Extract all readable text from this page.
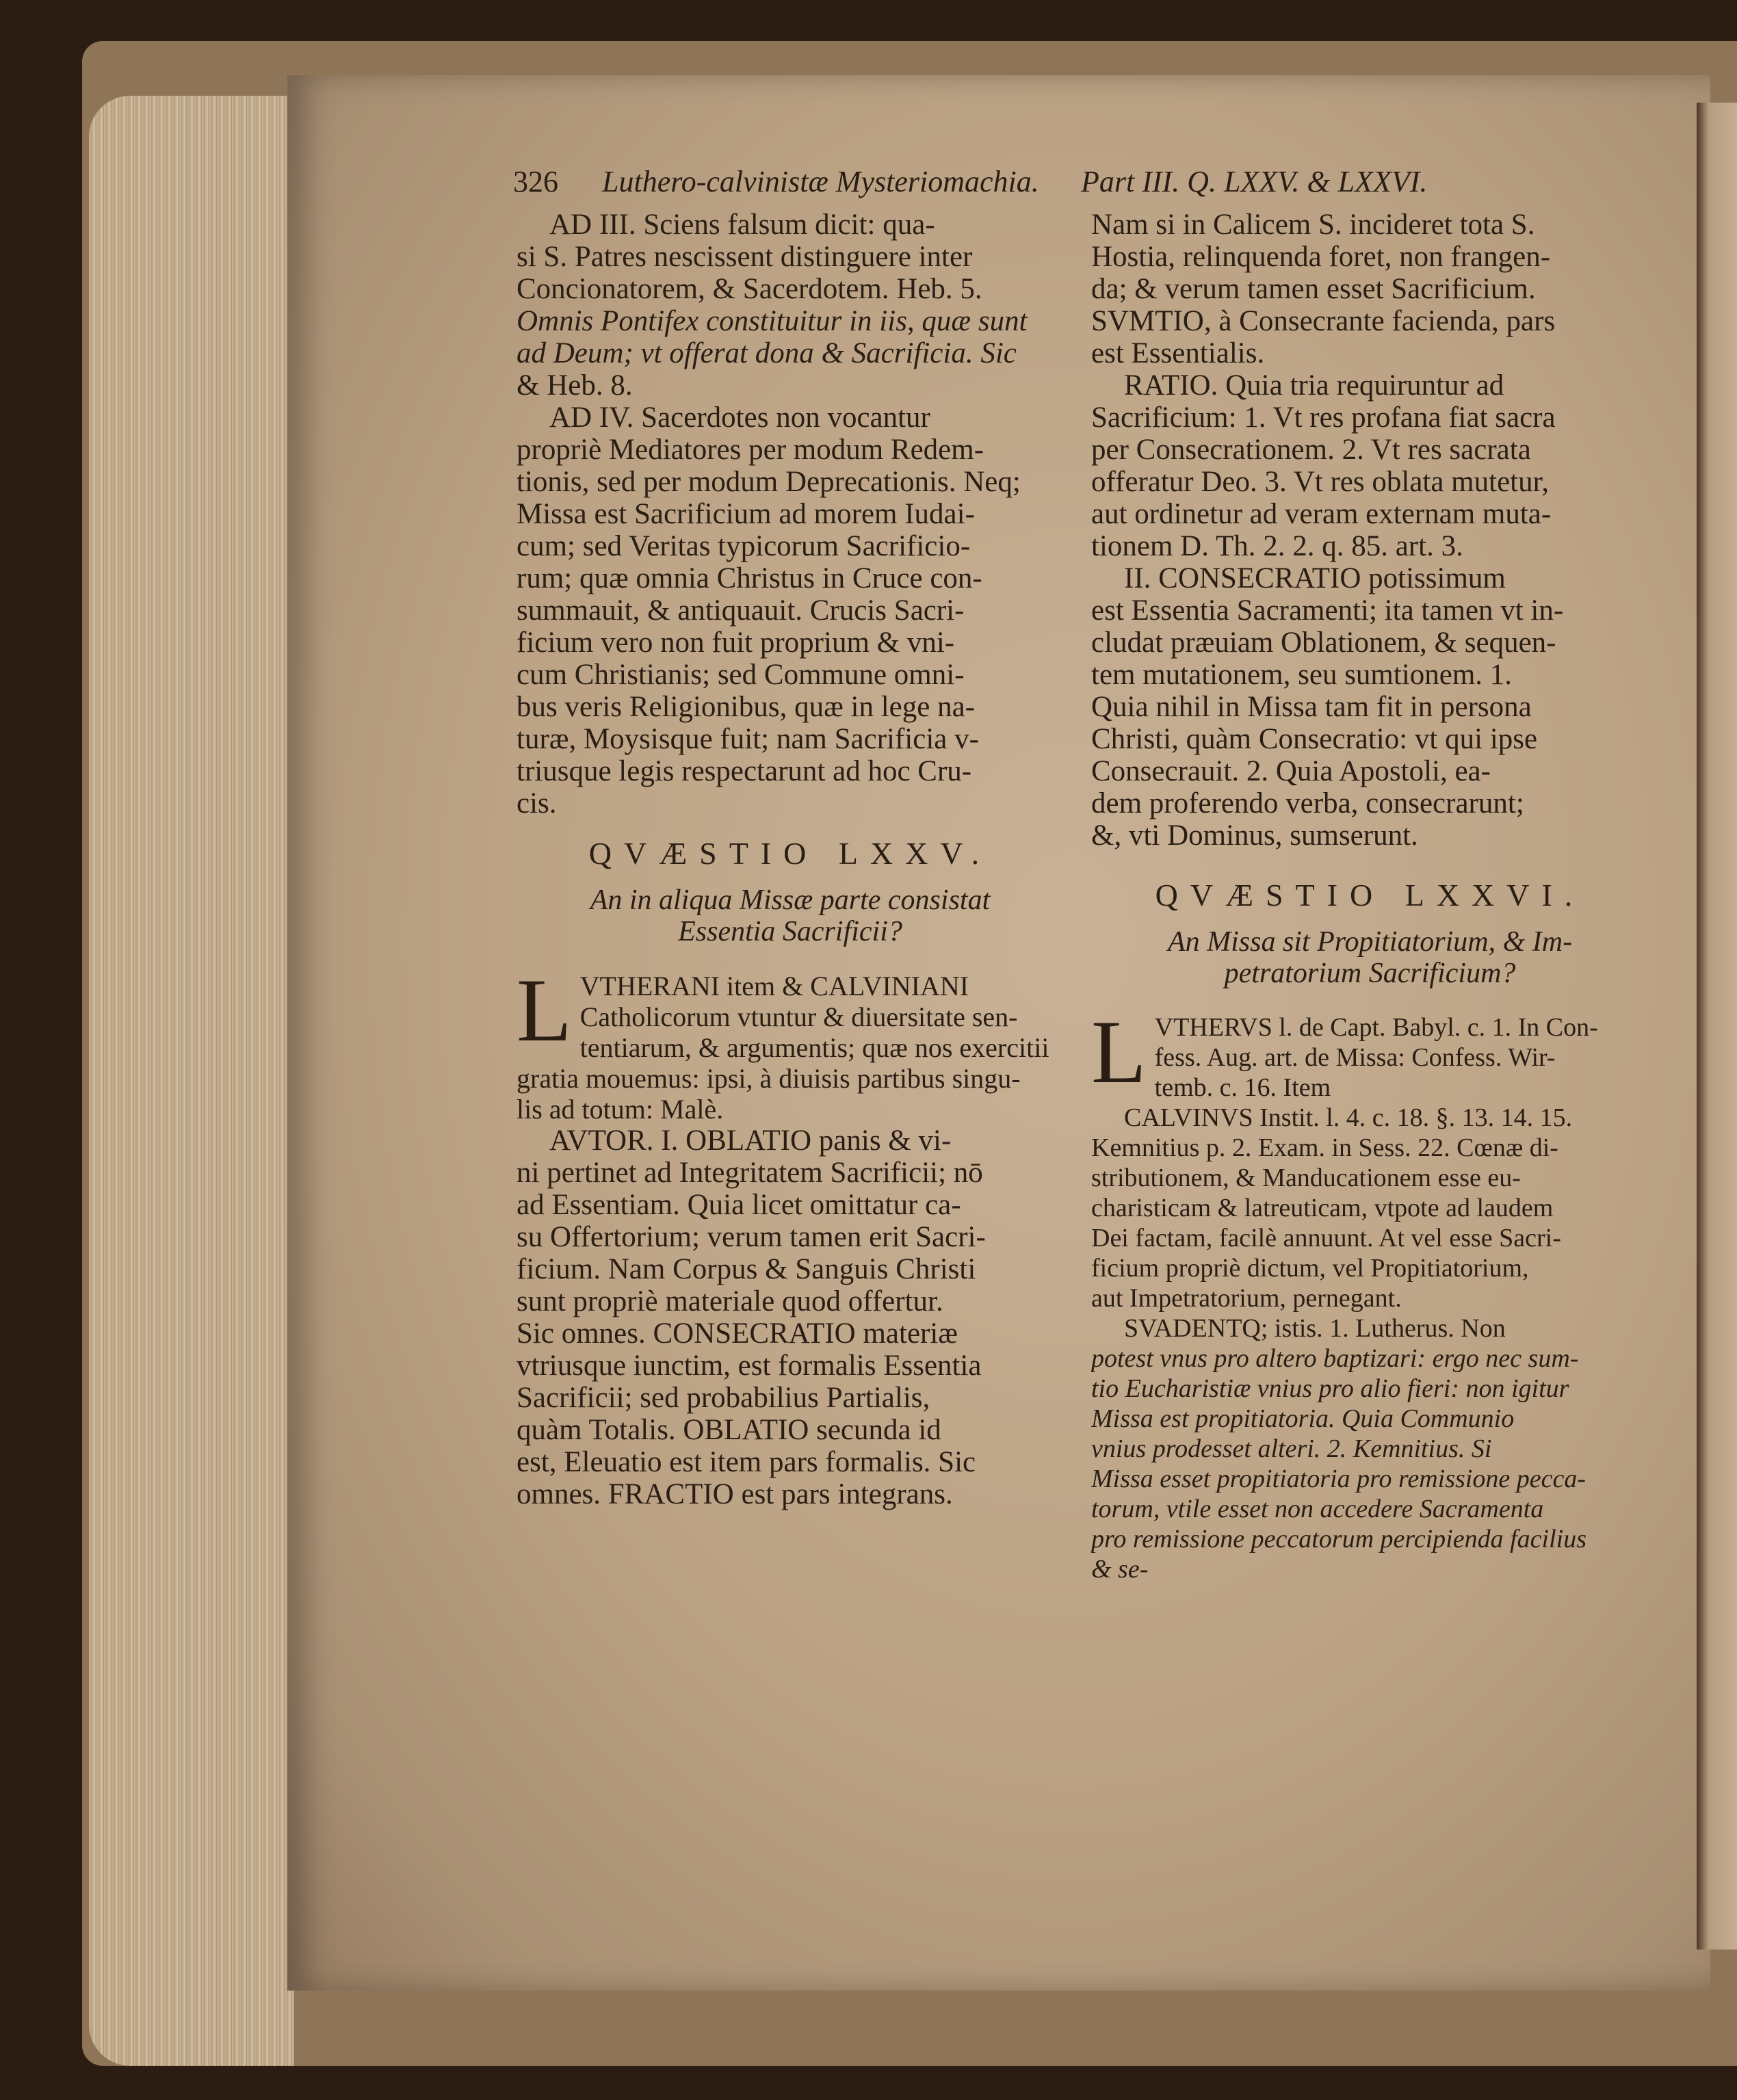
326 Luthero-calvinistæ Mysteriomachia. Part III. Q. LXXV. & LXXVI.

AD III. Sciens falsum dicit: qua-
si S. Patres nescissent distinguere inter
Concionatorem, & Sacerdotem. Heb. 5.
Omnis Pontifex constituitur in iis, quæ sunt
ad Deum; vt offerat dona & Sacrificia. Sic
& Heb. 8.

AD IV. Sacerdotes non vocantur
propriè Mediatores per modum Redem-
tionis, sed per modum Deprecationis. Neq;
Missa est Sacrificium ad morem Iudai-
cum; sed Veritas typicorum Sacrificio-
rum; quæ omnia Christus in Cruce con-
summauit, & antiquauit. Crucis Sacri-
ficium vero non fuit proprium & vni-
cum Christianis; sed Commune omni-
bus veris Religionibus, quæ in lege na-
turæ, Moysisque fuit; nam Sacrificia v-
triusque legis respectarunt ad hoc Cru-
cis.

QVÆSTIO LXXV.
An in aliqua Missæ parte consistat
Essentia Sacrificii?
L VTHERANI item & CALVINIANI
Catholicorum vtuntur & diuersitate sen-
tentiarum, & argumentis; quæ nos exercitii
gratia mouemus: ipsi, à diuisis partibus singu-
lis ad totum: Malè.

AVTOR. I. OBLATIO panis & vi-
ni pertinet ad Integritatem Sacrificii; nō
ad Essentiam. Quia licet omittatur ca-
su Offertorium; verum tamen erit Sacri-
ficium. Nam Corpus & Sanguis Christi
sunt propriè materiale quod offertur.
Sic omnes. CONSECRATIO materiæ
vtriusque iunctim, est formalis Essentia
Sacrificii; sed probabilius Partialis,
quàm Totalis. OBLATIO secunda id
est, Eleuatio est item pars formalis. Sic
omnes. FRACTIO est pars integrans.

Nam si in Calicem S. incideret tota S.
Hostia, relinquenda foret, non frangen-
da; & verum tamen esset Sacrificium.
SVMTIO, à Consecrante facienda, pars
est Essentialis.

RATIO. Quia tria requiruntur ad
Sacrificium: 1. Vt res profana fiat sacra
per Consecrationem. 2. Vt res sacrata
offeratur Deo. 3. Vt res oblata mutetur,
aut ordinetur ad veram externam muta-
tionem D. Th. 2. 2. q. 85. art. 3.

II. CONSECRATIO potissimum
est Essentia Sacramenti; ita tamen vt in-
cludat præuiam Oblationem, & sequen-
tem mutationem, seu sumtionem. 1.
Quia nihil in Missa tam fit in persona
Christi, quàm Consecratio: vt qui ipse
Consecrauit. 2. Quia Apostoli, ea-
dem proferendo verba, consecrarunt;
&, vti Dominus, sumserunt.

QVÆSTIO LXXVI.
An Missa sit Propitiatorium, & Im-
petratorium Sacrificium?
L VTHERVS l. de Capt. Babyl. c. 1. In Con-
fess. Aug. art. de Missa: Confess. Wir-
temb. c. 16. Item

CALVINVS Instit. l. 4. c. 18. §. 13. 14. 15.
Kemnitius p. 2. Exam. in Sess. 22. Cœnæ di-
stributionem, & Manducationem esse eu-
charisticam & latreuticam, vtpote ad laudem
Dei factam, facilè annuunt. At vel esse Sacri-
ficium propriè dictum, vel Propitiatorium,
aut Impetratorium, pernegant.

SVADENTQ; istis. 1. Lutherus. Non
potest vnus pro altero baptizari: ergo nec sum-
tio Eucharistiæ vnius pro alio fieri: non igitur
Missa est propitiatoria. Quia Communio
vnius prodesset alteri. 2. Kemnitius. Si
Missa esset propitiatoria pro remissione pecca-
torum, vtile esset non accedere Sacramenta
pro remissione peccatorum percipienda facilius
& se-
